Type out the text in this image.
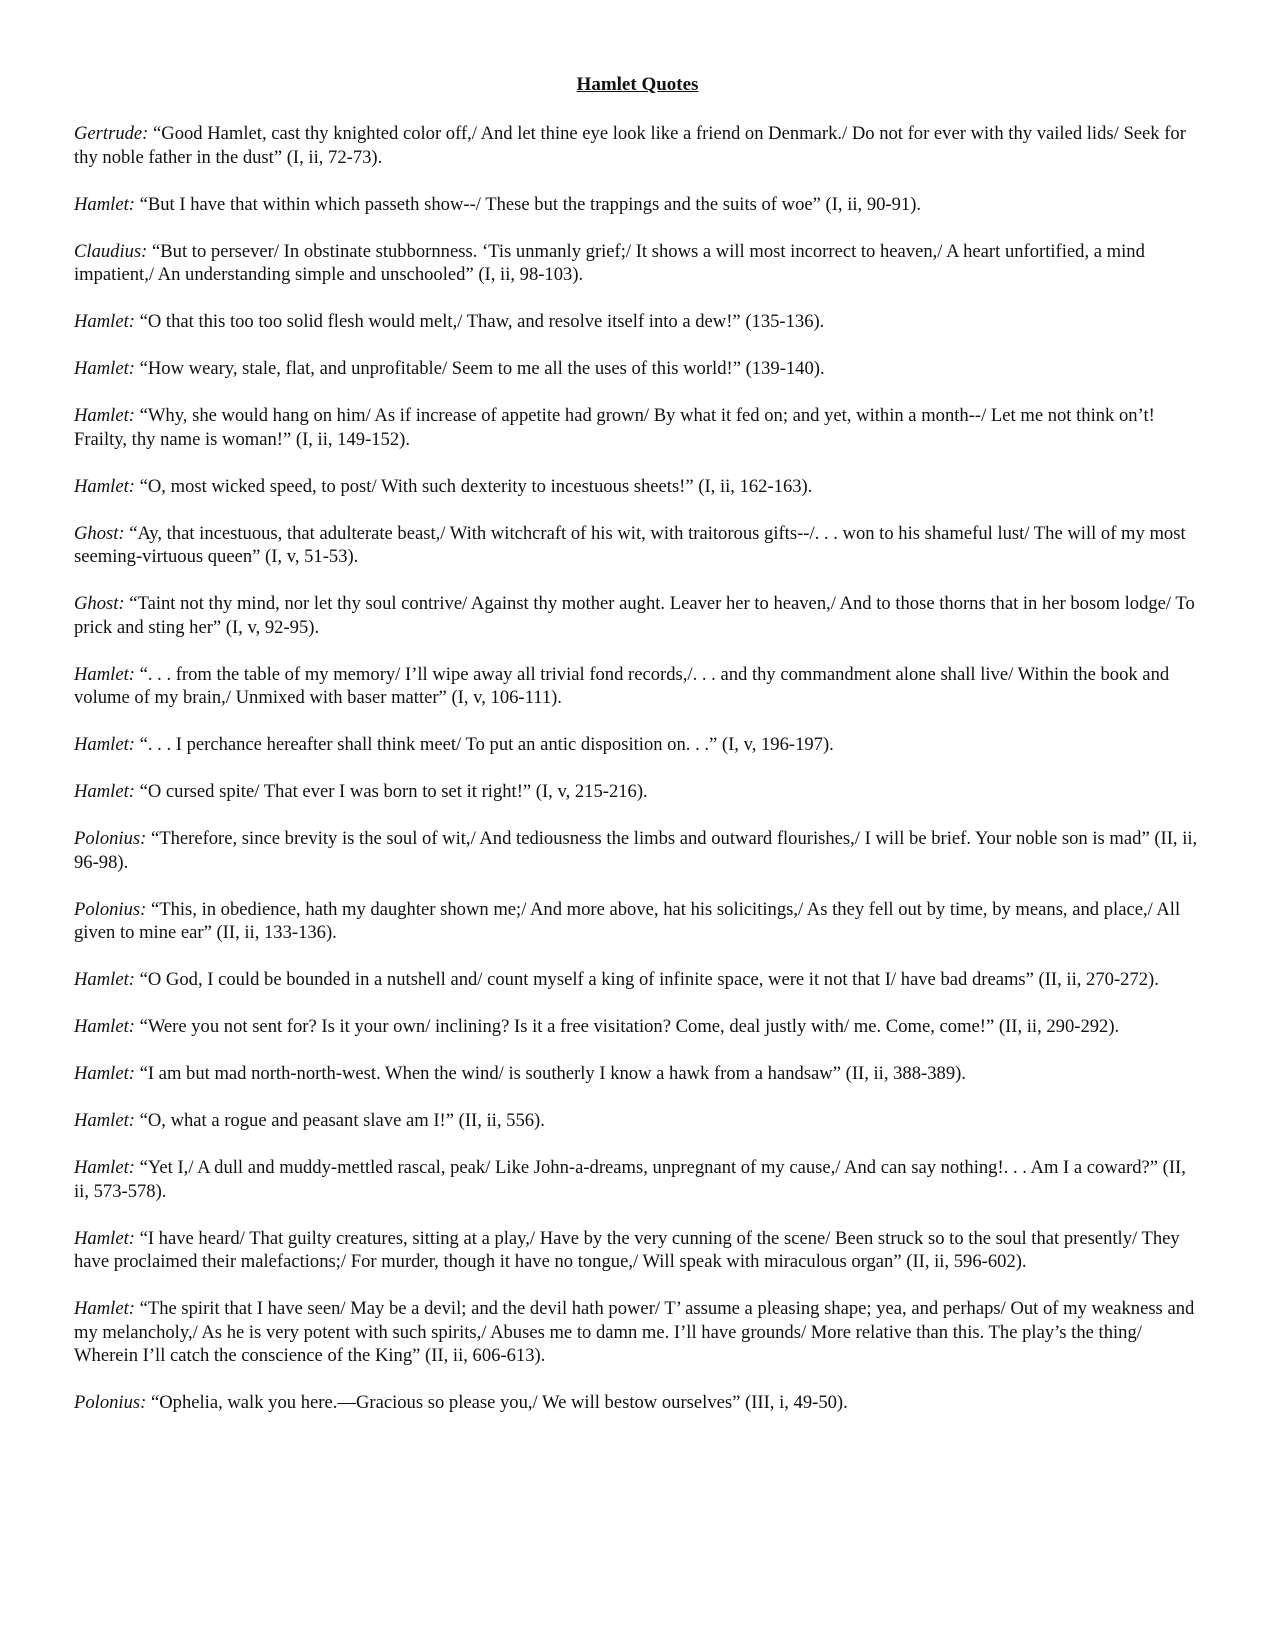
Hamlet Quotes
Gertrude: “Good Hamlet, cast thy knighted color off,/ And let thine eye look like a friend on Denmark./ Do not for ever with thy vailed lids/ Seek for thy noble father in the dust” (I, ii, 72-73).
Hamlet: “But I have that within which passeth show--/ These but the trappings and the suits of woe” (I, ii, 90-91).
Claudius: “But to persever/ In obstinate stubbornness. ‘Tis unmanly grief;/ It shows a will most incorrect to heaven,/ A heart unfortified, a mind impatient,/ An understanding simple and unschooled” (I, ii, 98-103).
Hamlet: “O that this too too solid flesh would melt,/ Thaw, and resolve itself into a dew!” (135-136).
Hamlet: “How weary, stale, flat, and unprofitable/ Seem to me all the uses of this world!” (139-140).
Hamlet: “Why, she would hang on him/ As if increase of appetite had grown/ By what it fed on; and yet, within a month--/ Let me not think on’t! Frailty, thy name is woman!” (I, ii, 149-152).
Hamlet: “O, most wicked speed, to post/ With such dexterity to incestuous sheets!” (I, ii, 162-163).
Ghost: “Ay, that incestuous, that adulterate beast,/ With witchcraft of his wit, with traitorous gifts--/. . . won to his shameful lust/ The will of my most seeming-virtuous queen” (I, v, 51-53).
Ghost: “Taint not thy mind, nor let thy soul contrive/ Against thy mother aught. Leaver her to heaven,/ And to those thorns that in her bosom lodge/ To prick and sting her” (I, v, 92-95).
Hamlet: “. . . from the table of my memory/ I’ll wipe away all trivial fond records,/. . . and thy commandment alone shall live/ Within the book and volume of my brain,/ Unmixed with baser matter” (I, v, 106-111).
Hamlet: “. . . I perchance hereafter shall think meet/ To put an antic disposition on. . .” (I, v, 196-197).
Hamlet: “O cursed spite/ That ever I was born to set it right!” (I, v, 215-216).
Polonius: “Therefore, since brevity is the soul of wit,/ And tediousness the limbs and outward flourishes,/ I will be brief. Your noble son is mad” (II, ii, 96-98).
Polonius: “This, in obedience, hath my daughter shown me;/ And more above, hat his solicitings,/ As they fell out by time, by means, and place,/ All given to mine ear” (II, ii, 133-136).
Hamlet: “O God, I could be bounded in a nutshell and/ count myself a king of infinite space, were it not that I/ have bad dreams” (II, ii, 270-272).
Hamlet: “Were you not sent for? Is it your own/ inclining? Is it a free visitation? Come, deal justly with/ me. Come, come!” (II, ii, 290-292).
Hamlet: “I am but mad north-north-west. When the wind/ is southerly I know a hawk from a handsaw” (II, ii, 388-389).
Hamlet: “O, what a rogue and peasant slave am I!” (II, ii, 556).
Hamlet: “Yet I,/ A dull and muddy-mettled rascal, peak/ Like John-a-dreams, unpregnant of my cause,/ And can say nothing!. . . Am I a coward?” (II, ii, 573-578).
Hamlet: “I have heard/ That guilty creatures, sitting at a play,/ Have by the very cunning of the scene/ Been struck so to the soul that presently/ They have proclaimed their malefactions;/ For murder, though it have no tongue,/ Will speak with miraculous organ” (II, ii, 596-602).
Hamlet: “The spirit that I have seen/ May be a devil; and the devil hath power/ T’ assume a pleasing shape; yea, and perhaps/ Out of my weakness and my melancholy,/ As he is very potent with such spirits,/ Abuses me to damn me. I’ll have grounds/ More relative than this. The play’s the thing/ Wherein I’ll catch the conscience of the King” (II, ii, 606-613).
Polonius: “Ophelia, walk you here.—Gracious so please you,/ We will bestow ourselves” (III, i, 49-50).
